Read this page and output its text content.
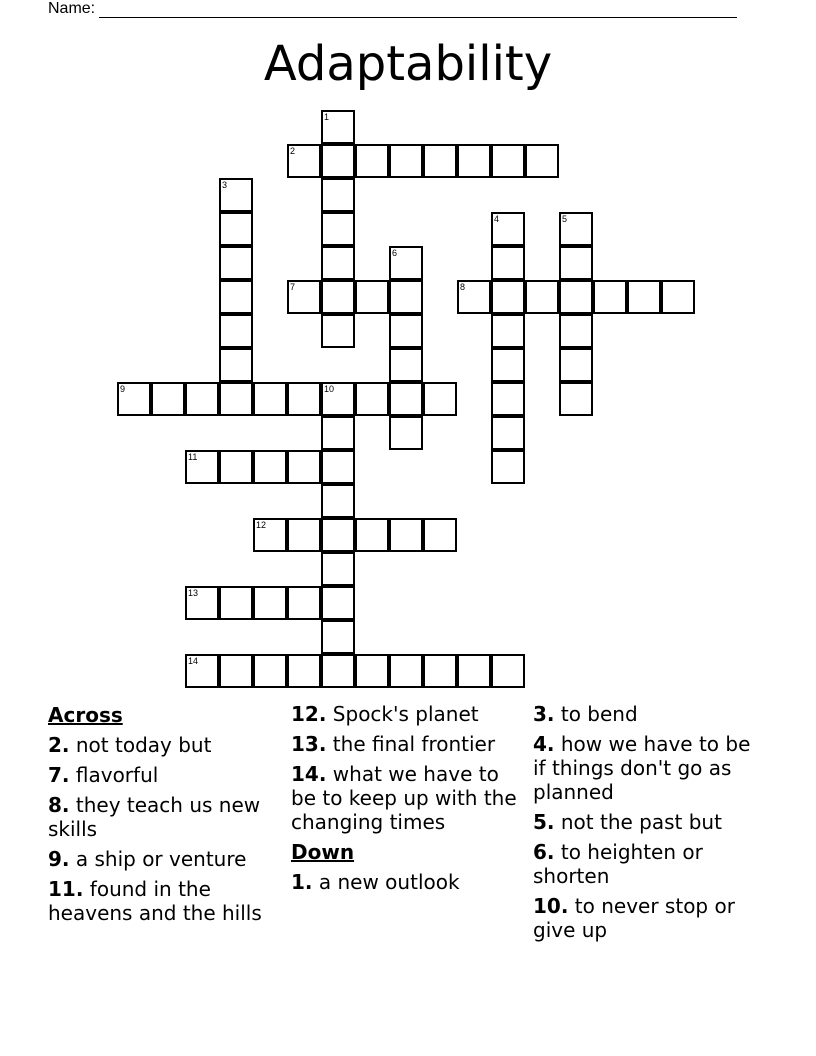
Name:
Adaptability
1
2
3
4	5
6
7	8
9	10
11
12
13
14
Across
2. not today but
7. flavorful
8. they teach us new skills
9. a ship or venture
11. found in the heavens and the hills
12. Spock's planet
13. the final frontier
14. what we have to be to keep up with the changing times
Down
1. a new outlook
3. to bend
4. how we have to be if things don't go as planned
5. not the past but
6. to heighten or shorten
10. to never stop or give up
